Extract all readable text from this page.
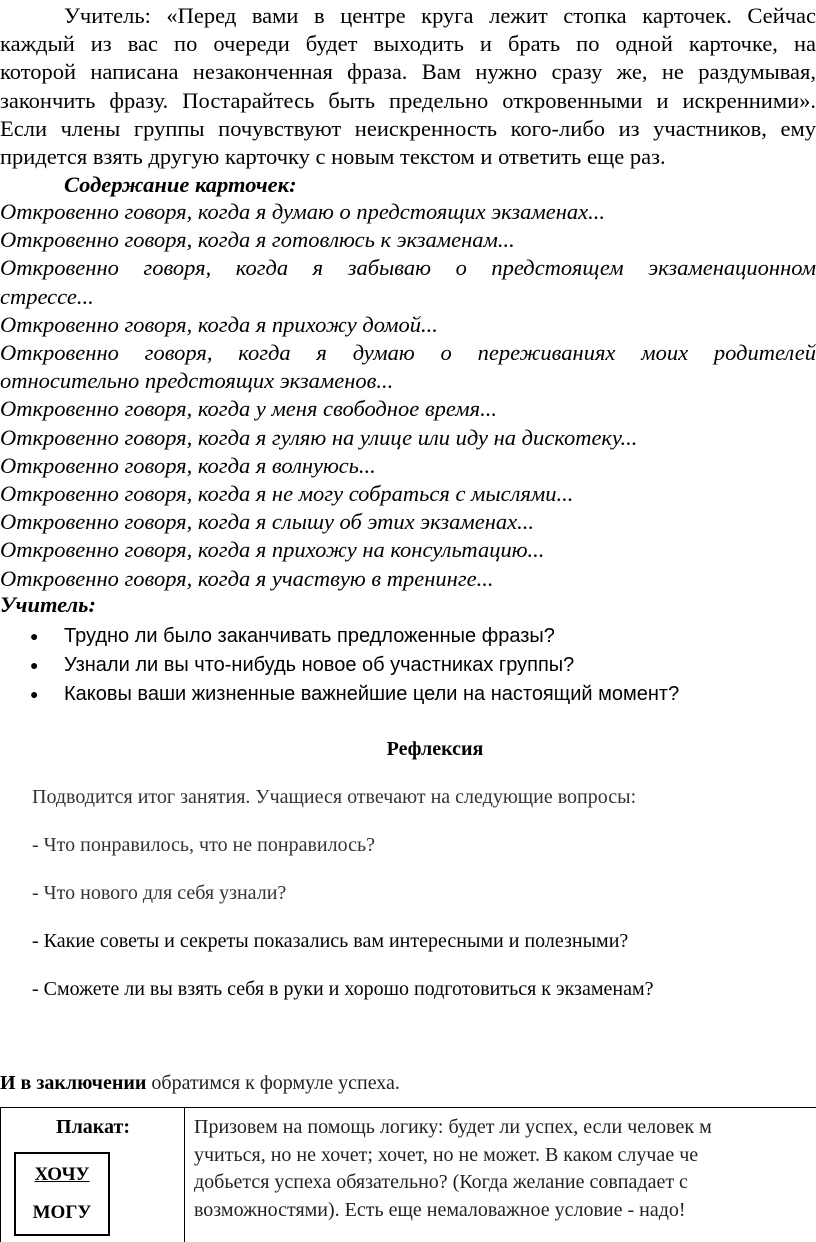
Учитель: «Перед вами в центре круга лежит стопка карточек. Сейчас
каждый из вас по очереди будет выходить и брать по одной карточке, на
которой написана незаконченная фраза. Вам нужно сразу же, не раздумывая,
закончить фразу. Постарайтесь быть предельно откровенными и искренними».
Если члены группы почувствуют неискренность кого-либо из участников, ему
придется взять другую карточку с новым текстом и ответить еще раз.

Содержание карточек:

Откровенно говоря, когда я думаю о предстоящих экзаменах...
Откровенно говоря, когда я готовлюсь к экзаменам...
Откровенно говоря, когда я забываю о предстоящем экзаменационном
стрессе...
Откровенно говоря, когда я прихожу домой...
Откровенно говоря, когда я думаю о переживаниях моих родителей
относительно предстоящих экзаменов...
Откровенно говоря, когда у меня свободное время...
Откровенно говоря, когда я гуляю на улице или иду на дискотеку...
Откровенно говоря, когда я волнуюсь...
Откровенно говоря, когда я не могу собраться с мыслями...
Откровенно говоря, когда я слышу об этих экзаменах...
Откровенно говоря, когда я прихожу на консультацию...
Откровенно говоря, когда я участвую в тренинге...

Учитель:

● Трудно ли было заканчивать предложенные фразы?
● Узнали ли вы что-нибудь новое об участниках группы?
● Каковы ваши жизненные важнейшие цели на настоящий момент?

Рефлексия

Подводится итог занятия. Учащиеся отвечают на следующие вопросы:

- Что понравилось, что не понравилось?

- Что нового для себя узнали?

- Какие советы и секреты показались вам интересными и полезными?

- Сможете ли вы взять себя в руки и хорошо подготовиться к экзаменам?

И в заключении обратимся к формуле успеха.

Плакат:

ХОЧУ
МОГУ
Призовем на помощь логику: будет ли успех, если человек м
учиться, но не хочет; хочет, но не может. В каком случае че
добьется успеха обязательно? (Когда желание совпадает с
возможностями). Есть еще немаловажное условие - надо!
